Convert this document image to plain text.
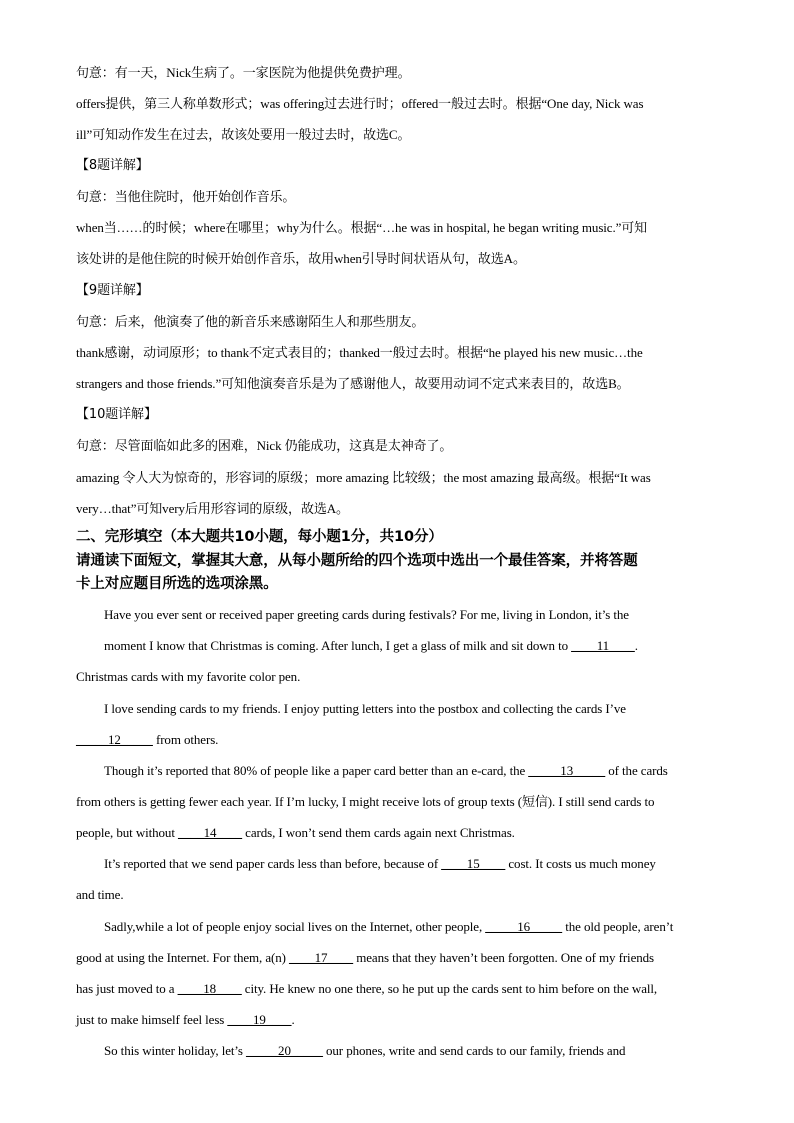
句意：有一天，Nick生病了。一家医院为他提供免费护理。
offers提供，第三人称单数形式；was offering过去进行时；offered一般过去时。根据“One day, Nick was
ill”可知动作发生在过去，故该处要用一般过去时，故选C。
【8题详解】
句意：当他住院时，他开始创作音乐。
when当……的时候；where在哪里；why为什么。根据“…he was in hospital, he began writing music.”可知
该处讲的是他住院的时候开始创作音乐，故用when引导时间状语从句，故选A。
【9题详解】
句意：后来，他演奏了他的新音乐来感谢陌生人和那些朋友。
thank感谢，动词原形；to thank不定式表目的；thanked一般过去时。根据“he played his new music…the
strangers and those friends.”可知他演奏音乐是为了感谢他人，故要用动词不定式来表目的，故选B。
【10题详解】
句意：尽管面临如此多的困难，Nick 仍能成功，这真是太神奇了。
amazing 令人大为惊奇的，形容词的原级；more amazing 比较级；the most amazing 最高级。根据“It was
very…that”可知very后用形容词的原级，故选A。
二、完形填空（本大题共10小题，每小题1分，共10分）
请通读下面短文，掌握其大意，从每小题所给的四个选项中选出一个最佳答案，并将答题
卡上对应题目所选的选项涂黑。
Have you ever sent or received paper greeting cards during festivals? For me, living in London, it’s the
moment I know that Christmas is coming. After lunch, I get a glass of milk and sit down to ____11____.
Christmas cards with my favorite color pen.
I love sending cards to my friends. I enjoy putting letters into the postbox and collecting the cards I’ve
_____12_____ from others.
Though it’s reported that 80% of people like a paper card better than an e-card, the _____13_____ of the cards
from others is getting fewer each year. If I’m lucky, I might receive lots of group texts (短信). I still send cards to
people, but without ____14____ cards, I won’t send them cards again next Christmas.
It’s reported that we send paper cards less than before, because of ____15____ cost. It costs us much money
and time.
Sadly,while a lot of people enjoy social lives on the Internet, other people, _____16_____ the old people, aren’t
good at using the Internet. For them, a(n) ____17____ means that they haven’t been forgotten. One of my friends
has just moved to a ____18____ city. He knew no one there, so he put up the cards sent to him before on the wall,
just to make himself feel less ____19____.
So this winter holiday, let’s _____20_____ our phones, write and send cards to our family, friends and
